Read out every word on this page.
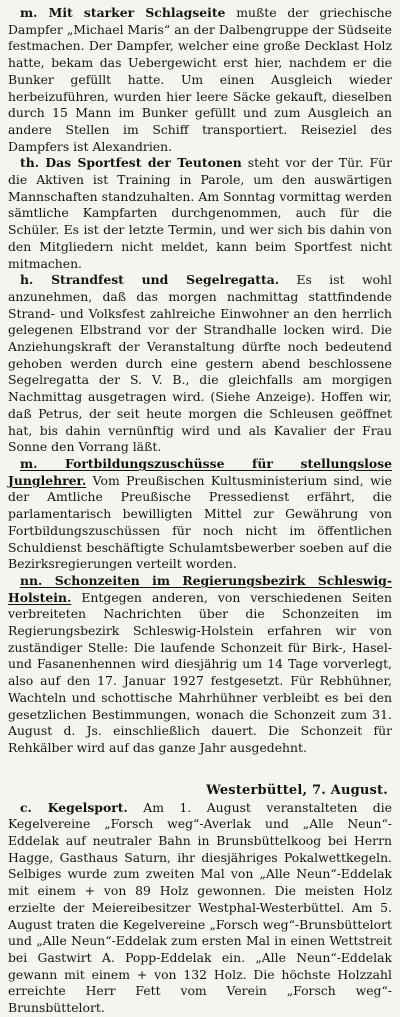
m. Mit starker Schlagseite mußte der griechische Dampfer „Michael Maris“ an der Dalbengruppe der Südseite festmachen. Der Dampfer, welcher eine große Decklast Holz hatte, bekam das Uebergewicht erst hier, nachdem er die Bunker gefüllt hatte. Um einen Ausgleich wieder herbeizuführen, wurden hier leere Säcke gekauft, dieselben durch 15 Mann im Bunker gefüllt und zum Ausgleich an andere Stellen im Schiff transportiert. Reiseziel des Dampfers ist Alexandrien.

th. Das Sportfest der Teutonen steht vor der Tür. Für die Aktiven ist Training in Parole, um den auswärtigen Mannschaften standzuhalten. Am Sonntag vormittag werden sämtliche Kampfarten durchgenommen, auch für die Schüler. Es ist der letzte Termin, und wer sich bis dahin von den Mitgliedern nicht meldet, kann beim Sportfest nicht mitmachen.

h. Strandfest und Segelregatta. Es ist wohl anzunehmen, daß das morgen nachmittag stattfindende Strand- und Volksfest zahlreiche Einwohner an den herrlich gelegenen Elbstrand vor der Strandhalle locken wird. Die Anziehungskraft der Veranstaltung dürfte noch bedeutend gehoben werden durch eine gestern abend beschlossene Segelregatta der S. V. B., die gleichfalls am morgigen Nachmittag ausgetragen wird. (Siehe Anzeige). Hoffen wir, daß Petrus, der seit heute morgen die Schleusen geöffnet hat, bis dahin vernünftig wird und als Kavalier der Frau Sonne den Vorrang läßt.

m. Fortbildungszuschüsse für stellungslose Junglehrer. Vom Preußischen Kultusministerium sind, wie der Amtliche Preußische Pressedienst erfährt, die parlamentarisch bewilligten Mittel zur Gewährung von Fortbildungszuschüssen für noch nicht im öffentlichen Schuldienst beschäftigte Schulamtsbewerber soeben auf die Bezirksregierungen verteilt worden.

nn. Schonzeiten im Regierungsbezirk Schleswig-Holstein. Entgegen anderen, von verschiedenen Seiten verbreiteten Nachrichten über die Schonzeiten im Regierungsbezirk Schleswig-Holstein erfahren wir von zuständiger Stelle: Die laufende Schonzeit für Birk-, Hasel- und Fasanenhennen wird diesjährig um 14 Tage vorverlegt, also auf den 17. Januar 1927 festgesetzt. Für Rebhühner, Wachteln und schottische Mahrhühner verbleibt es bei den gesetzlichen Bestimmungen, wonach die Schonzeit zum 31. August d. Js. einschließlich dauert. Die Schonzeit für Rehkälber wird auf das ganze Jahr ausgedehnt.

Westerbüttel, 7. August.

c. Kegelsport. Am 1. August veranstalteten die Kegelvereine „Forsch weg“-Averlak und „Alle Neun“-Eddelak auf neutraler Bahn in Brunsbüttelkoog bei Herrn Hagge, Gasthaus Saturn, ihr diesjähriges Pokalwettkegeln. Selbiges wurde zum zweiten Mal von „Alle Neun“-Eddelak mit einem + von 89 Holz gewonnen. Die meisten Holz erzielte der Meiereibesitzer Westphal-Westerbüttel. Am 5. August traten die Kegelvereine „Forsch weg“-Brunsbüttelort und „Alle Neun“-Eddelak zum ersten Mal in einen Wettstreit bei Gastwirt A. Popp-Eddelak ein. „Alle Neun“-Eddelak gewann mit einem + von 132 Holz. Die höchste Holzzahl erreichte Herr Fett vom Verein „Forsch weg“-Brunsbüttelort.
